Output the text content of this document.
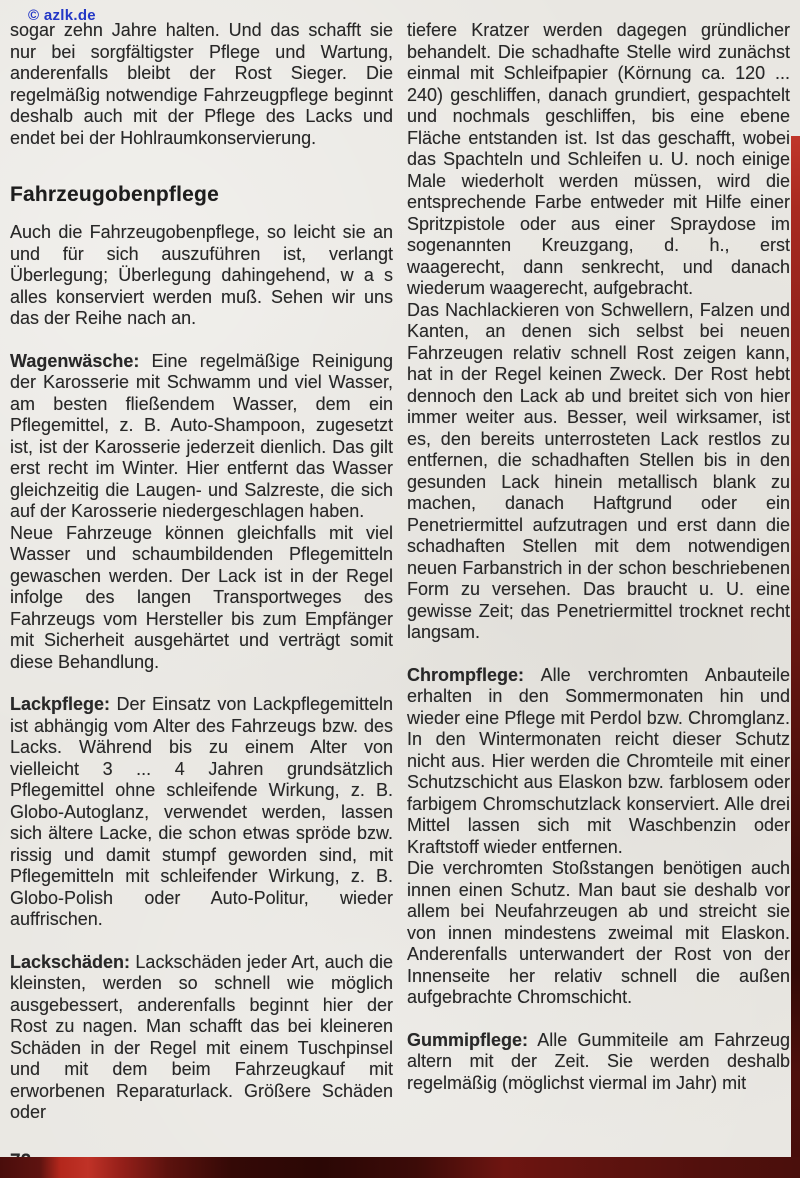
© azlk.de

sogar zehn Jahre halten. Und das schafft sie nur bei sorgfältigster Pflege und Wartung, anderenfalls bleibt der Rost Sieger. Die regelmäßig notwendige Fahrzeugpflege beginnt deshalb auch mit der Pflege des Lacks und endet bei der Hohlraumkonservierung.

Fahrzeugobenpflege

Auch die Fahrzeugobenpflege, so leicht sie an und für sich auszuführen ist, verlangt Überlegung; Überlegung dahingehend, w a s alles konserviert werden muß. Sehen wir uns das der Reihe nach an.

Wagenwäsche: Eine regelmäßige Reinigung der Karosserie mit Schwamm und viel Wasser, am besten fließendem Wasser, dem ein Pflegemittel, z. B. Auto-Shampoon, zugesetzt ist, ist der Karosserie jederzeit dienlich. Das gilt erst recht im Winter. Hier entfernt das Wasser gleichzeitig die Laugen- und Salzreste, die sich auf der Karosserie niedergeschlagen haben.

Neue Fahrzeuge können gleichfalls mit viel Wasser und schaumbildenden Pflegemitteln gewaschen werden. Der Lack ist in der Regel infolge des langen Transportweges des Fahrzeugs vom Hersteller bis zum Empfänger mit Sicherheit ausgehärtet und verträgt somit diese Behandlung.

Lackpflege: Der Einsatz von Lackpflegemitteln ist abhängig vom Alter des Fahrzeugs bzw. des Lacks. Während bis zu einem Alter von vielleicht 3 ... 4 Jahren grundsätzlich Pflegemittel ohne schleifende Wirkung, z. B. Globo-Autoglanz, verwendet werden, lassen sich ältere Lacke, die schon etwas spröde bzw. rissig und damit stumpf geworden sind, mit Pflegemitteln mit schleifender Wirkung, z. B. Globo-Polish oder Auto-Politur, wieder auffrischen.

Lackschäden: Lackschäden jeder Art, auch die kleinsten, werden so schnell wie möglich ausgebessert, anderenfalls beginnt hier der Rost zu nagen. Man schafft das bei kleineren Schäden in der Regel mit einem Tuschpinsel und mit dem beim Fahrzeugkauf mit erworbenen Reparaturlack. Größere Schäden oder

tiefere Kratzer werden dagegen gründlicher behandelt. Die schadhafte Stelle wird zunächst einmal mit Schleifpapier (Körnung ca. 120 ... 240) geschliffen, danach grundiert, gespachtelt und nochmals geschliffen, bis eine ebene Fläche entstanden ist. Ist das geschafft, wobei das Spachteln und Schleifen u. U. noch einige Male wiederholt werden müssen, wird die entsprechende Farbe entweder mit Hilfe einer Spritzpistole oder aus einer Spraydose im sogenannten Kreuzgang, d. h., erst waagerecht, dann senkrecht, und danach wiederum waagerecht, aufgebracht.

Das Nachlackieren von Schwellern, Falzen und Kanten, an denen sich selbst bei neuen Fahrzeugen relativ schnell Rost zeigen kann, hat in der Regel keinen Zweck. Der Rost hebt dennoch den Lack ab und breitet sich von hier immer weiter aus. Besser, weil wirksamer, ist es, den bereits unterrosteten Lack restlos zu entfernen, die schadhaften Stellen bis in den gesunden Lack hinein metallisch blank zu machen, danach Haftgrund oder ein Penetriermittel aufzutragen und erst dann die schadhaften Stellen mit dem notwendigen neuen Farbanstrich in der schon beschriebenen Form zu versehen. Das braucht u. U. eine gewisse Zeit; das Penetriermittel trocknet recht langsam.

Chrompflege: Alle verchromten Anbauteile erhalten in den Sommermonaten hin und wieder eine Pflege mit Perdol bzw. Chromglanz. In den Wintermonaten reicht dieser Schutz nicht aus. Hier werden die Chromteile mit einer Schutzschicht aus Elaskon bzw. farblosem oder farbigem Chromschutzlack konserviert. Alle drei Mittel lassen sich mit Waschbenzin oder Kraftstoff wieder entfernen.

Die verchromten Stoßstangen benötigen auch innen einen Schutz. Man baut sie deshalb vor allem bei Neufahrzeugen ab und streicht sie von innen mindestens zweimal mit Elaskon. Anderenfalls unterwandert der Rost von der Innenseite her relativ schnell die außen aufgebrachte Chromschicht.

Gummipflege: Alle Gummiteile am Fahrzeug altern mit der Zeit. Sie werden deshalb regelmäßig (möglichst viermal im Jahr) mit
